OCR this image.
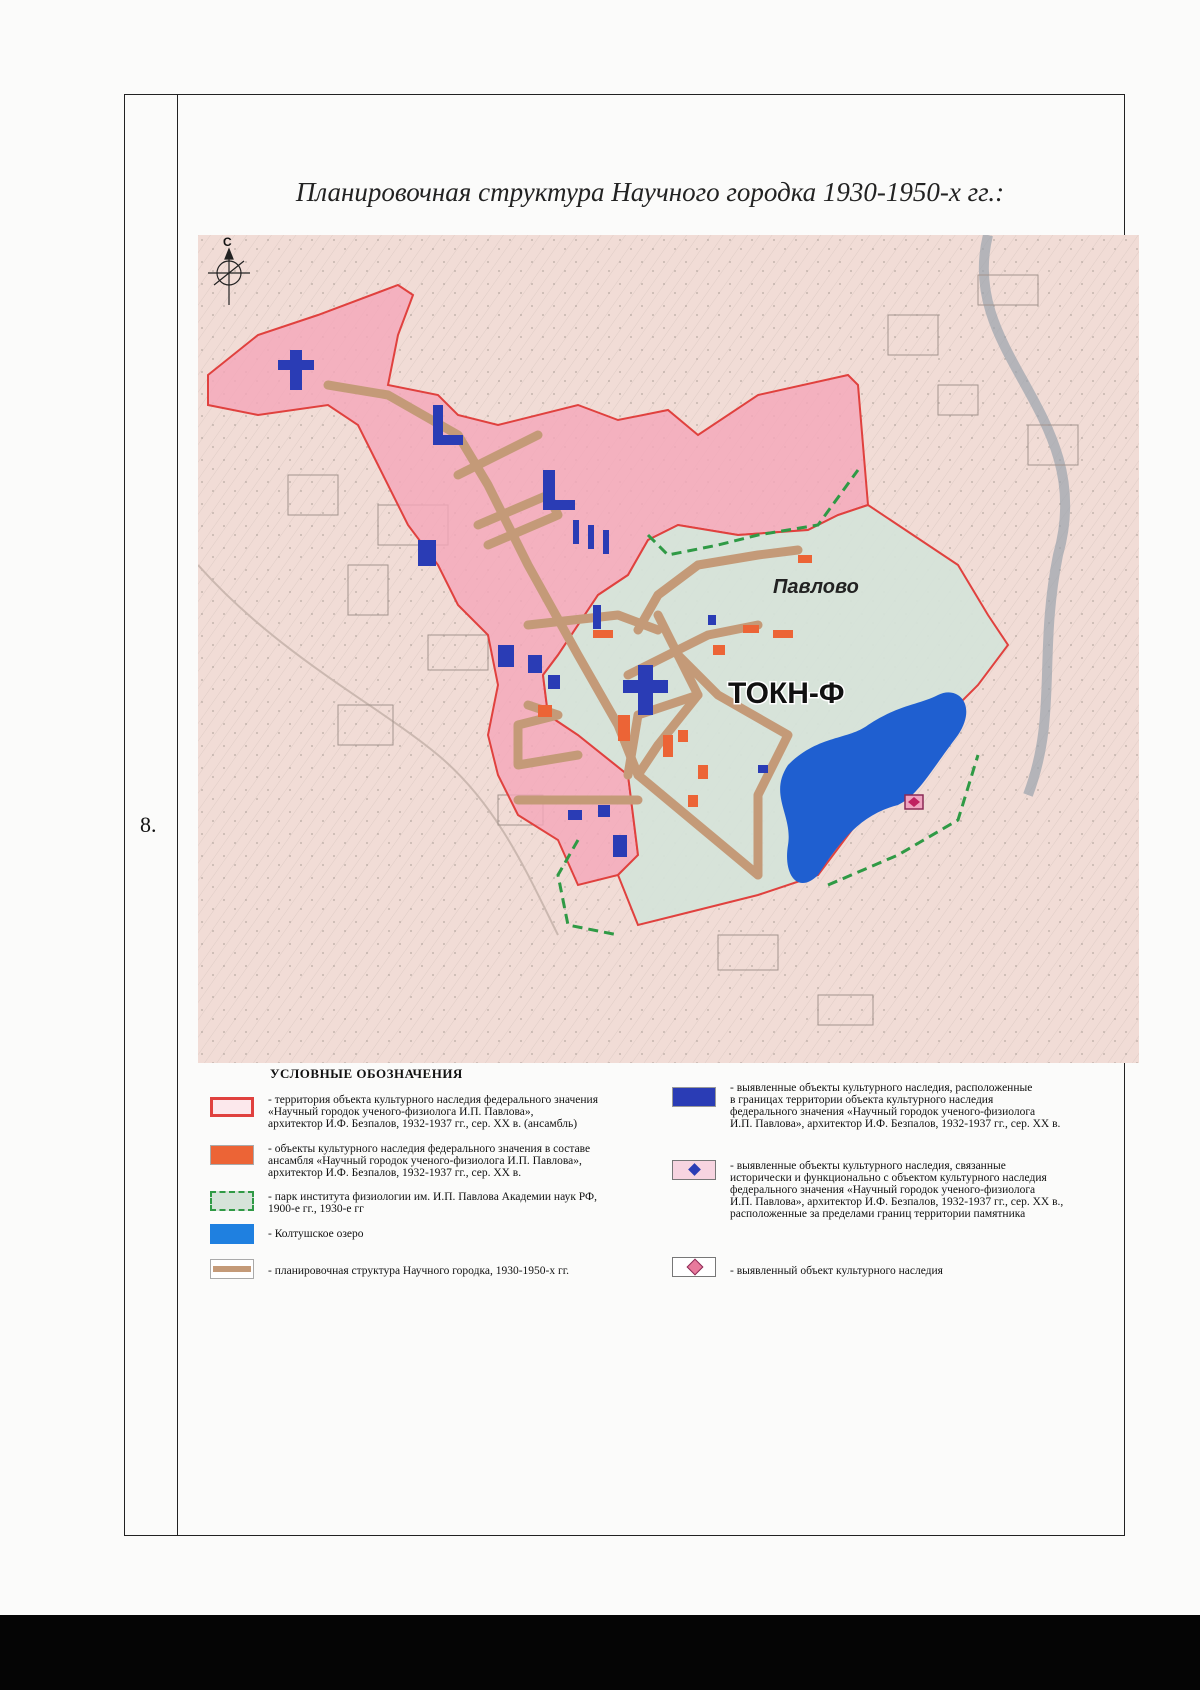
8.
Планировочная структура Научного городка 1930-1950-х гг.:
С
Павлово
ТОКН-Ф
УСЛОВНЫЕ ОБОЗНАЧЕНИЯ
- территория объекта культурного наследия федерального значения
«Научный городок ученого-физиолога И.П. Павлова»,
архитектор И.Ф. Безпалов, 1932-1937 гг., сер. XX в. (ансамбль)
- объекты культурного наследия федерального значения в составе
ансамбля «Научный городок ученого-физиолога И.П. Павлова»,
архитектор И.Ф. Безпалов, 1932-1937 гг., сер. XX в.
- парк института физиологии им. И.П. Павлова Академии наук РФ,
1900-е гг., 1930-е гг
- Колтушское озеро
- планировочная структура Научного городка, 1930-1950-х гг.
- выявленные объекты культурного наследия, расположенные
в границах территории объекта культурного наследия
федерального значения «Научный городок ученого-физиолога
И.П. Павлова», архитектор И.Ф. Безпалов, 1932-1937 гг., сер. XX в.
- выявленные объекты культурного наследия, связанные
исторически и функционально с объектом культурного наследия
федерального значения «Научный городок ученого-физиолога
И.П. Павлова», архитектор И.Ф. Безпалов, 1932-1937 гг., сер. XX в.,
расположенные за пределами границ территории памятника
- выявленный объект культурного наследия
